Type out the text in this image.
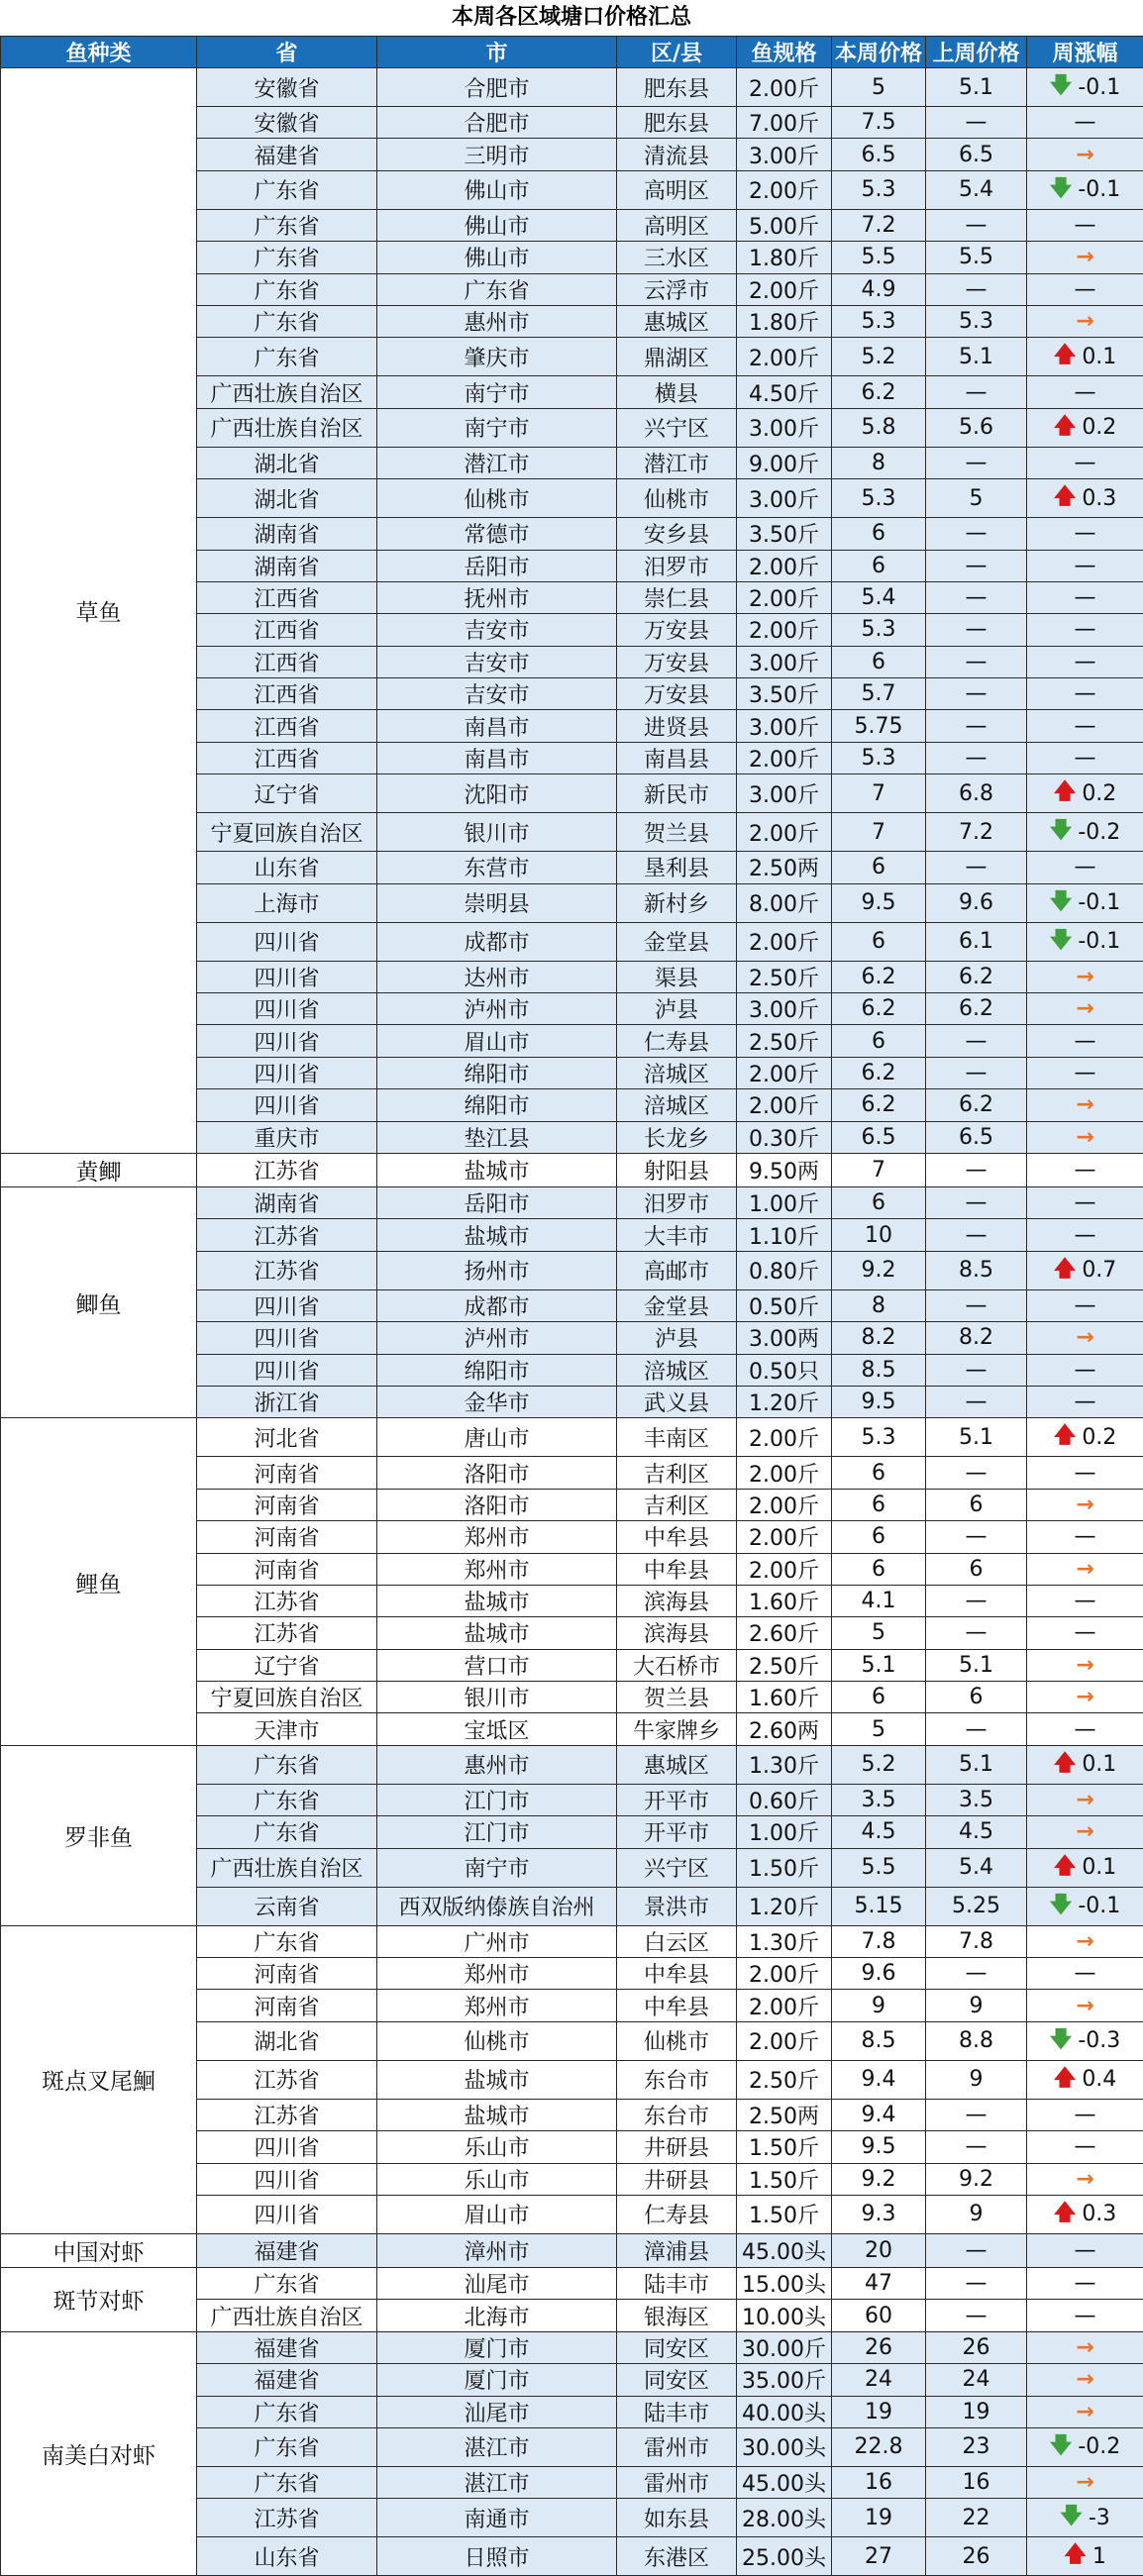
本周各区域塘口价格汇总
鱼种类	省	市	区/县	鱼规格	本周价格	上周价格	周涨幅
草鱼	安徽省	合肥市	肥东县	2.00斤	5	5.1	🡇 -0.1

	安徽省	合肥市	肥东县	7.00斤	7.5	—	—

	福建省	三明市	清流县	3.00斤	6.5	6.5	→

	广东省	佛山市	高明区	2.00斤	5.3	5.4	🡇 -0.1

	广东省	佛山市	高明区	5.00斤	7.2	—	—

	广东省	佛山市	三水区	1.80斤	5.5	5.5	→

	广东省	广东省	云浮市	2.00斤	4.9	—	—

	广东省	惠州市	惠城区	1.80斤	5.3	5.3	→

	广东省	肇庆市	鼎湖区	2.00斤	5.2	5.1	🡅 0.1

	广西壮族自治区	南宁市	横县	4.50斤	6.2	—	—

	广西壮族自治区	南宁市	兴宁区	3.00斤	5.8	5.6	🡅 0.2

	湖北省	潜江市	潜江市	9.00斤	8	—	—

	湖北省	仙桃市	仙桃市	3.00斤	5.3	5	🡅 0.3

	湖南省	常德市	安乡县	3.50斤	6	—	—

	湖南省	岳阳市	汨罗市	2.00斤	6	—	—

	江西省	抚州市	崇仁县	2.00斤	5.4	—	—

	江西省	吉安市	万安县	2.00斤	5.3	—	—

	江西省	吉安市	万安县	3.00斤	6	—	—

	江西省	吉安市	万安县	3.50斤	5.7	—	—

	江西省	南昌市	进贤县	3.00斤	5.75	—	—

	江西省	南昌市	南昌县	2.00斤	5.3	—	—

	辽宁省	沈阳市	新民市	3.00斤	7	6.8	🡅 0.2

	宁夏回族自治区	银川市	贺兰县	2.00斤	7	7.2	🡇 -0.2

	山东省	东营市	垦利县	2.50两	6	—	—

	上海市	崇明县	新村乡	8.00斤	9.5	9.6	🡇 -0.1

	四川省	成都市	金堂县	2.00斤	6	6.1	🡇 -0.1

	四川省	达州市	渠县	2.50斤	6.2	6.2	→

	四川省	泸州市	泸县	3.00斤	6.2	6.2	→

	四川省	眉山市	仁寿县	2.50斤	6	—	—

	四川省	绵阳市	涪城区	2.00斤	6.2	—	—

	四川省	绵阳市	涪城区	2.00斤	6.2	6.2	→

	重庆市	垫江县	长龙乡	0.30斤	6.5	6.5	→

黄鲫	江苏省	盐城市	射阳县	9.50两	7	—	—

鲫鱼	湖南省	岳阳市	汨罗市	1.00斤	6	—	—

	江苏省	盐城市	大丰市	1.10斤	10	—	—

	江苏省	扬州市	高邮市	0.80斤	9.2	8.5	🡅 0.7

	四川省	成都市	金堂县	0.50斤	8	—	—

	四川省	泸州市	泸县	3.00两	8.2	8.2	→

	四川省	绵阳市	涪城区	0.50只	8.5	—	—

	浙江省	金华市	武义县	1.20斤	9.5	—	—

鲤鱼	河北省	唐山市	丰南区	2.00斤	5.3	5.1	🡅 0.2

	河南省	洛阳市	吉利区	2.00斤	6	—	—

	河南省	洛阳市	吉利区	2.00斤	6	6	→

	河南省	郑州市	中牟县	2.00斤	6	—	—

	河南省	郑州市	中牟县	2.00斤	6	6	→

	江苏省	盐城市	滨海县	1.60斤	4.1	—	—

	江苏省	盐城市	滨海县	2.60斤	5	—	—

	辽宁省	营口市	大石桥市	2.50斤	5.1	5.1	→

	宁夏回族自治区	银川市	贺兰县	1.60斤	6	6	→

	天津市	宝坻区	牛家牌乡	2.60两	5	—	—

罗非鱼	广东省	惠州市	惠城区	1.30斤	5.2	5.1	🡅 0.1

	广东省	江门市	开平市	0.60斤	3.5	3.5	→

	广东省	江门市	开平市	1.00斤	4.5	4.5	→

	广西壮族自治区	南宁市	兴宁区	1.50斤	5.5	5.4	🡅 0.1

	云南省	西双版纳傣族自治州	景洪市	1.20斤	5.15	5.25	🡇 -0.1

斑点叉尾鮰	广东省	广州市	白云区	1.30斤	7.8	7.8	→

	河南省	郑州市	中牟县	2.00斤	9.6	—	—

	河南省	郑州市	中牟县	2.00斤	9	9	→

	湖北省	仙桃市	仙桃市	2.00斤	8.5	8.8	🡇 -0.3

	江苏省	盐城市	东台市	2.50斤	9.4	9	🡅 0.4

	江苏省	盐城市	东台市	2.50两	9.4	—	—

	四川省	乐山市	井研县	1.50斤	9.5	—	—

	四川省	乐山市	井研县	1.50斤	9.2	9.2	→

	四川省	眉山市	仁寿县	1.50斤	9.3	9	🡅 0.3

中国对虾	福建省	漳州市	漳浦县	45.00头	20	—	—

斑节对虾	广东省	汕尾市	陆丰市	15.00头	47	—	—

	广西壮族自治区	北海市	银海区	10.00头	60	—	—

南美白对虾	福建省	厦门市	同安区	30.00斤	26	26	→

	福建省	厦门市	同安区	35.00斤	24	24	→

	广东省	汕尾市	陆丰市	40.00头	19	19	→

	广东省	湛江市	雷州市	30.00头	22.8	23	🡇 -0.2

	广东省	湛江市	雷州市	45.00头	16	16	→

	江苏省	南通市	如东县	28.00头	19	22	🡇 -3

	山东省	日照市	东港区	25.00头	27	26	🡅 1
